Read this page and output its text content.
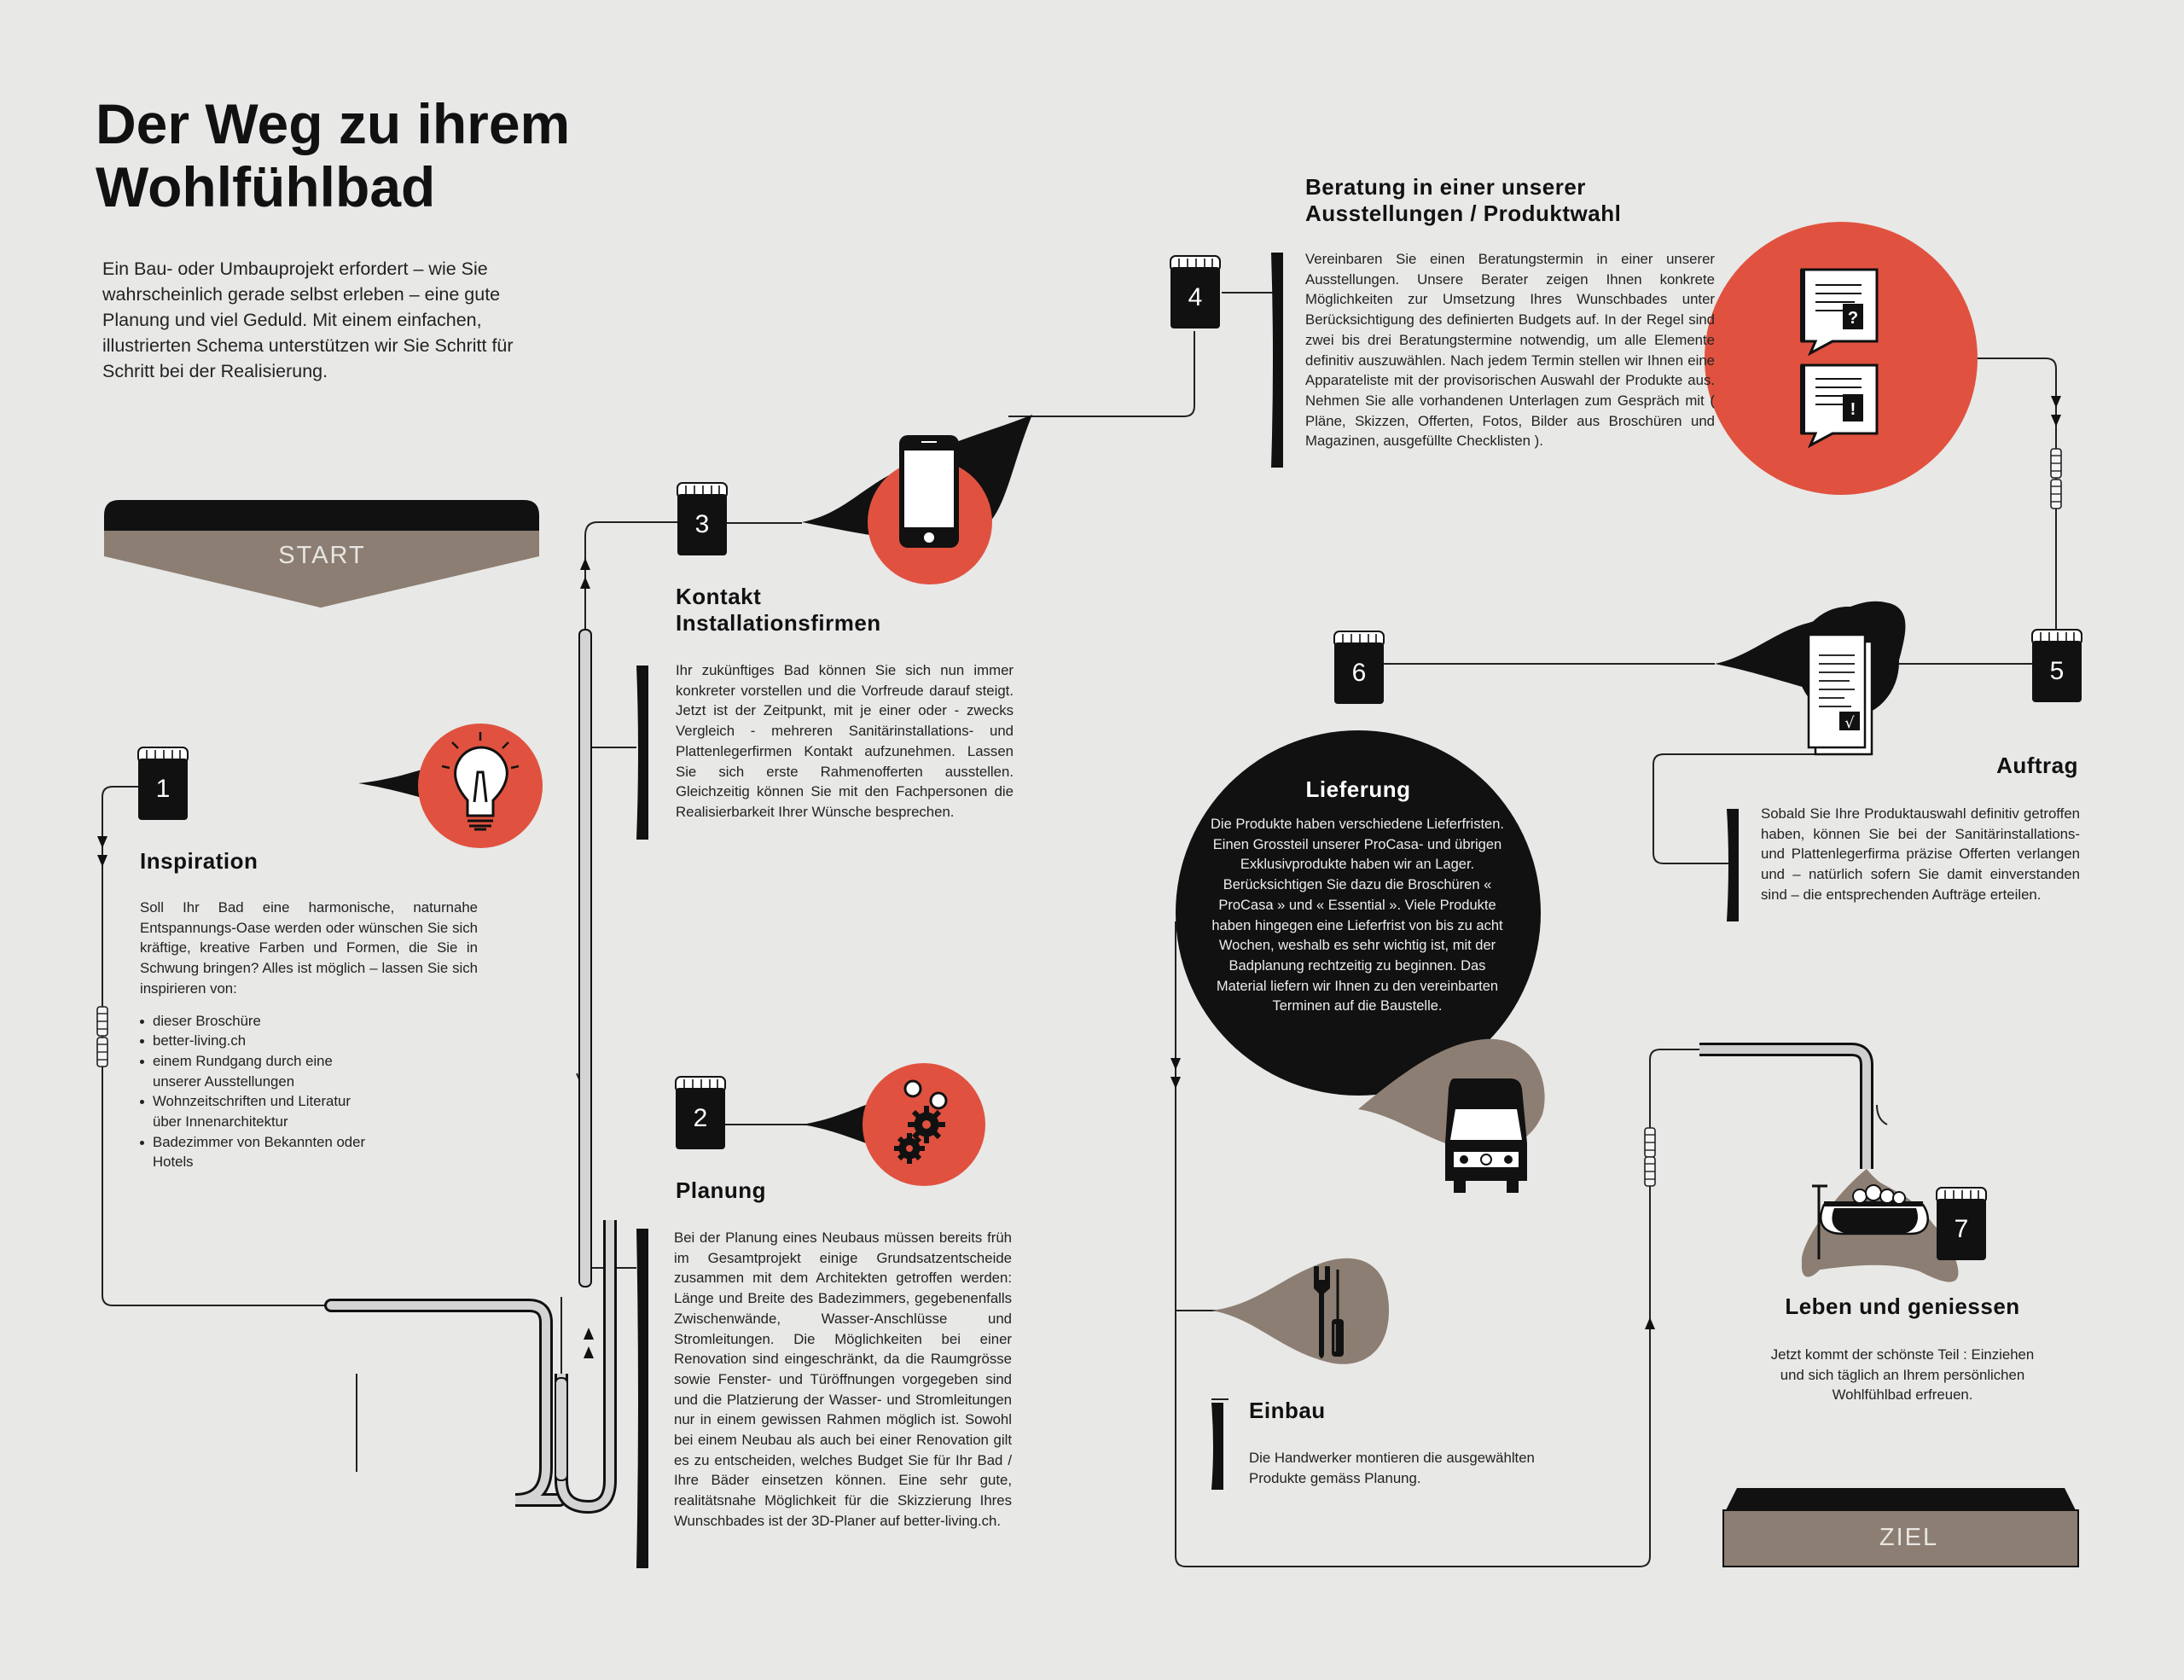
?
!
√
Der Weg zu ihrem
Wohlfühlbad

Ein Bau- oder Umbauprojekt erfordert – wie Sie wahrscheinlich gerade selbst erleben – eine gute Planung und viel Geduld. Mit einem einfachen, illustrierten Schema unterstützen wir Sie Schritt für Schritt bei der Realisierung.

START
ZIEL
1
2
3
4
5
6
7
Inspiration

Soll Ihr Bad eine harmonische, naturnahe Entspannungs-Oase werden oder wünschen Sie sich kräftige, kreative Farben und Formen, die Sie in Schwung bringen? Alles ist möglich – lassen Sie sich inspirieren von:

dieser Broschüre
better-living.ch
einem Rundgang durch eine unserer Ausstellungen
Wohnzeitschriften und Literatur über Innenarchitektur
Badezimmer von Bekannten oder Hotels
Planung

Bei der Planung eines Neubaus müssen bereits früh im Gesamtprojekt einige Grundsatzentscheide zusammen mit dem Architekten getroffen werden: Länge und Breite des Badezimmers, gegebenenfalls Zwischenwände, Wasser-Anschlüsse und Stromleitungen. Die Möglichkeiten bei einer Renovation sind eingeschränkt, da die Raumgrösse sowie Fenster- und Türöffnungen vorgegeben sind und die Platzierung der Wasser- und Stromleitungen nur in einem gewissen Rahmen möglich ist. Sowohl bei einem Neubau als auch bei einer Renovation gilt es zu entscheiden, welches Budget Sie für Ihr Bad / Ihre Bäder einsetzen können. Eine sehr gute, realitätsnahe Möglichkeit für die Skizzierung Ihres Wunschbades ist der 3D-Planer auf better-living.ch.

Kontakt
Installationsfirmen

Ihr zukünftiges Bad können Sie sich nun immer konkreter vorstellen und die Vorfreude darauf steigt. Jetzt ist der Zeitpunkt, mit je einer oder - zwecks Vergleich - mehreren Sanitärinstallations- und Plattenlegerfirmen Kontakt aufzunehmen. Lassen Sie sich erste Rahmenofferten ausstellen. Gleichzeitig können Sie mit den Fachpersonen die Realisierbarkeit Ihrer Wünsche besprechen.

Beratung in einer unserer
Ausstellungen / Produktwahl

Vereinbaren Sie einen Beratungstermin in einer unserer Ausstellungen. Unsere Berater zeigen Ihnen konkrete Möglichkeiten zur Umsetzung Ihres Wunschbades unter Berücksichtigung des definierten Budgets auf. In der Regel sind zwei bis drei Beratungstermine notwendig, um alle Elemente definitiv auszuwählen. Nach jedem Termin stellen wir Ihnen eine Apparateliste mit der provisorischen Auswahl der Produkte aus. Nehmen Sie alle vorhandenen Unterlagen zum Gespräch mit ( Pläne, Skizzen, Offerten, Fotos, Bilder aus Broschüren und Magazinen, ausgefüllte Checklisten ).

Auftrag

Sobald Sie Ihre Produktauswahl definitiv getroffen haben, können Sie bei der Sanitärinstallations- und Plattenlegerfirma präzise Offerten verlangen und – natürlich sofern Sie damit einverstanden sind – die entsprechenden Aufträge erteilen.

Lieferung

Die Produkte haben verschiedene Lieferfristen. Einen Grossteil unserer ProCasa- und übrigen Exklusivprodukte haben wir an Lager. Berücksichtigen Sie dazu die Broschüren « ProCasa » und « Essential ». Viele Produkte haben hingegen eine Lieferfrist von bis zu acht Wochen, weshalb es sehr wichtig ist, mit der Badplanung rechtzeitig zu beginnen. Das Material liefern wir Ihnen zu den vereinbarten Terminen auf die Baustelle.

Einbau

Die Handwerker montieren die ausgewählten Produkte gemäss Planung.

Leben und geniessen

Jetzt kommt der schönste Teil : Einziehen und sich täglich an Ihrem persönlichen Wohlfühlbad erfreuen.
